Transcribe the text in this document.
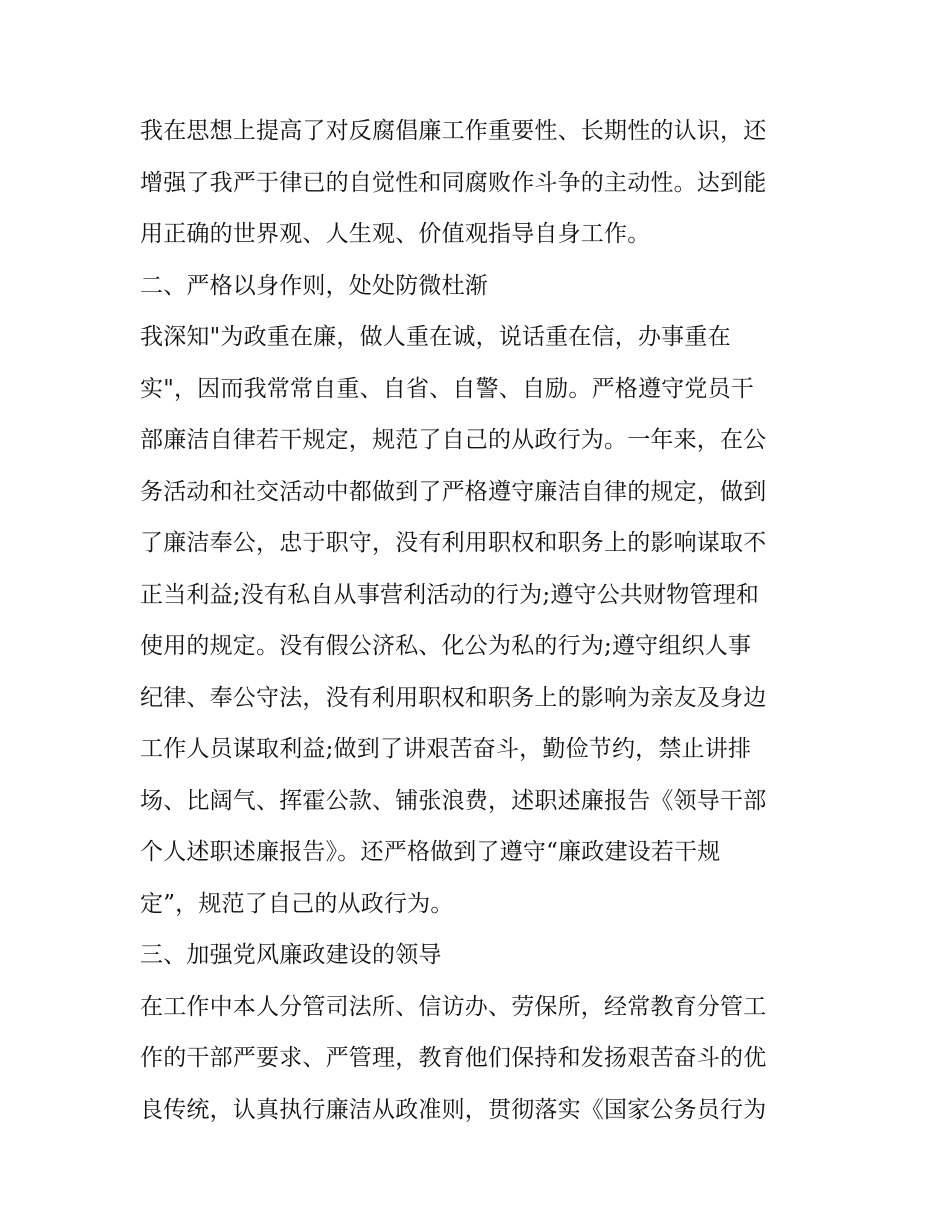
我在思想上提高了对反腐倡廉工作重要性、长期性的认识，还
增强了我严于律已的自觉性和同腐败作斗争的主动性。达到能
用正确的世界观、人生观、价值观指导自身工作。
二、严格以身作则，处处防微杜渐
我深知"为政重在廉，做人重在诚，说话重在信，办事重在
实"，因而我常常自重、自省、自警、自励。严格遵守党员干
部廉洁自律若干规定，规范了自己的从政行为。一年来，在公
务活动和社交活动中都做到了严格遵守廉洁自律的规定，做到
了廉洁奉公，忠于职守，没有利用职权和职务上的影响谋取不
正当利益;没有私自从事营利活动的行为;遵守公共财物管理和
使用的规定。没有假公济私、化公为私的行为;遵守组织人事
纪律、奉公守法，没有利用职权和职务上的影响为亲友及身边
工作人员谋取利益;做到了讲艰苦奋斗，勤俭节约，禁止讲排
场、比阔气、挥霍公款、铺张浪费，述职述廉报告《领导干部
个人述职述廉报告》。还严格做到了遵守“廉政建设若干规
定”，规范了自己的从政行为。
三、加强党风廉政建设的领导
在工作中本人分管司法所、信访办、劳保所，经常教育分管工
作的干部严要求、严管理，教育他们保持和发扬艰苦奋斗的优
良传统，认真执行廉洁从政准则，贯彻落实《国家公务员行为
